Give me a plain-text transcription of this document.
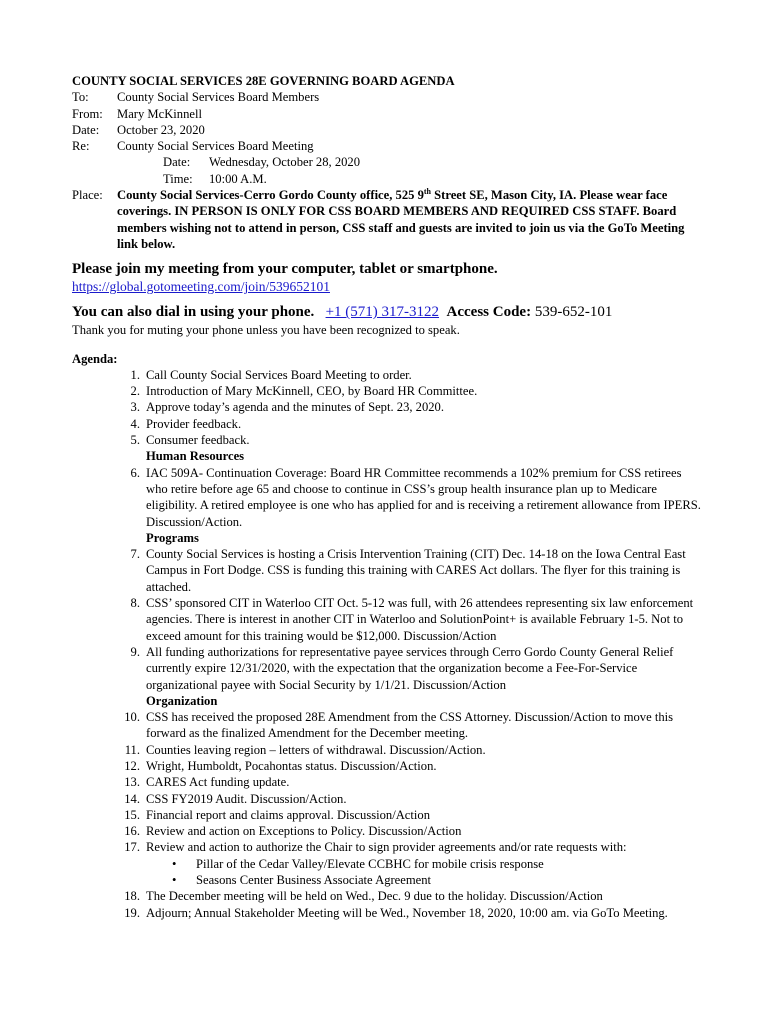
COUNTY SOCIAL SERVICES 28E GOVERNING BOARD AGENDA
To:	County Social Services Board Members
From:	Mary McKinnell
Date:	October 23, 2020
Re:	County Social Services Board Meeting
Date: Wednesday, October 28, 2020
Time: 10:00 A.M.
Place:	County Social Services-Cerro Gordo County office, 525 9th Street SE, Mason City, IA. Please wear face coverings. IN PERSON IS ONLY FOR CSS BOARD MEMBERS AND REQUIRED CSS STAFF. Board members wishing not to attend in person, CSS staff and guests are invited to join us via the GoTo Meeting link below.
Please join my meeting from your computer, tablet or smartphone.
https://global.gotomeeting.com/join/539652101
You can also dial in using your phone. +1 (571) 317-3122 Access Code: 539-652-101
Thank you for muting your phone unless you have been recognized to speak.
Agenda:
1. Call County Social Services Board Meeting to order.
2. Introduction of Mary McKinnell, CEO, by Board HR Committee.
3. Approve today’s agenda and the minutes of Sept. 23, 2020.
4. Provider feedback.
5. Consumer feedback.
Human Resources
6. IAC 509A- Continuation Coverage: Board HR Committee recommends a 102% premium for CSS retirees who retire before age 65 and choose to continue in CSS’s group health insurance plan up to Medicare eligibility. A retired employee is one who has applied for and is receiving a retirement allowance from IPERS. Discussion/Action.
Programs
7. County Social Services is hosting a Crisis Intervention Training (CIT) Dec. 14-18 on the Iowa Central East Campus in Fort Dodge. CSS is funding this training with CARES Act dollars. The flyer for this training is attached.
8. CSS’ sponsored CIT in Waterloo CIT Oct. 5-12 was full, with 26 attendees representing six law enforcement agencies. There is interest in another CIT in Waterloo and SolutionPoint+ is available February 1-5. Not to exceed amount for this training would be $12,000. Discussion/Action
9. All funding authorizations for representative payee services through Cerro Gordo County General Relief currently expire 12/31/2020, with the expectation that the organization become a Fee-For-Service organizational payee with Social Security by 1/1/21. Discussion/Action
Organization
10. CSS has received the proposed 28E Amendment from the CSS Attorney. Discussion/Action to move this forward as the finalized Amendment for the December meeting.
11. Counties leaving region – letters of withdrawal. Discussion/Action.
12. Wright, Humboldt, Pocahontas status. Discussion/Action.
13. CARES Act funding update.
14. CSS FY2019 Audit. Discussion/Action.
15. Financial report and claims approval. Discussion/Action
16. Review and action on Exceptions to Policy. Discussion/Action
17. Review and action to authorize the Chair to sign provider agreements and/or rate requests with:
•	Pillar of the Cedar Valley/Elevate CCBHC for mobile crisis response
•	Seasons Center Business Associate Agreement
18. The December meeting will be held on Wed., Dec. 9 due to the holiday. Discussion/Action
19. Adjourn; Annual Stakeholder Meeting will be Wed., November 18, 2020, 10:00 am. via GoTo Meeting.
